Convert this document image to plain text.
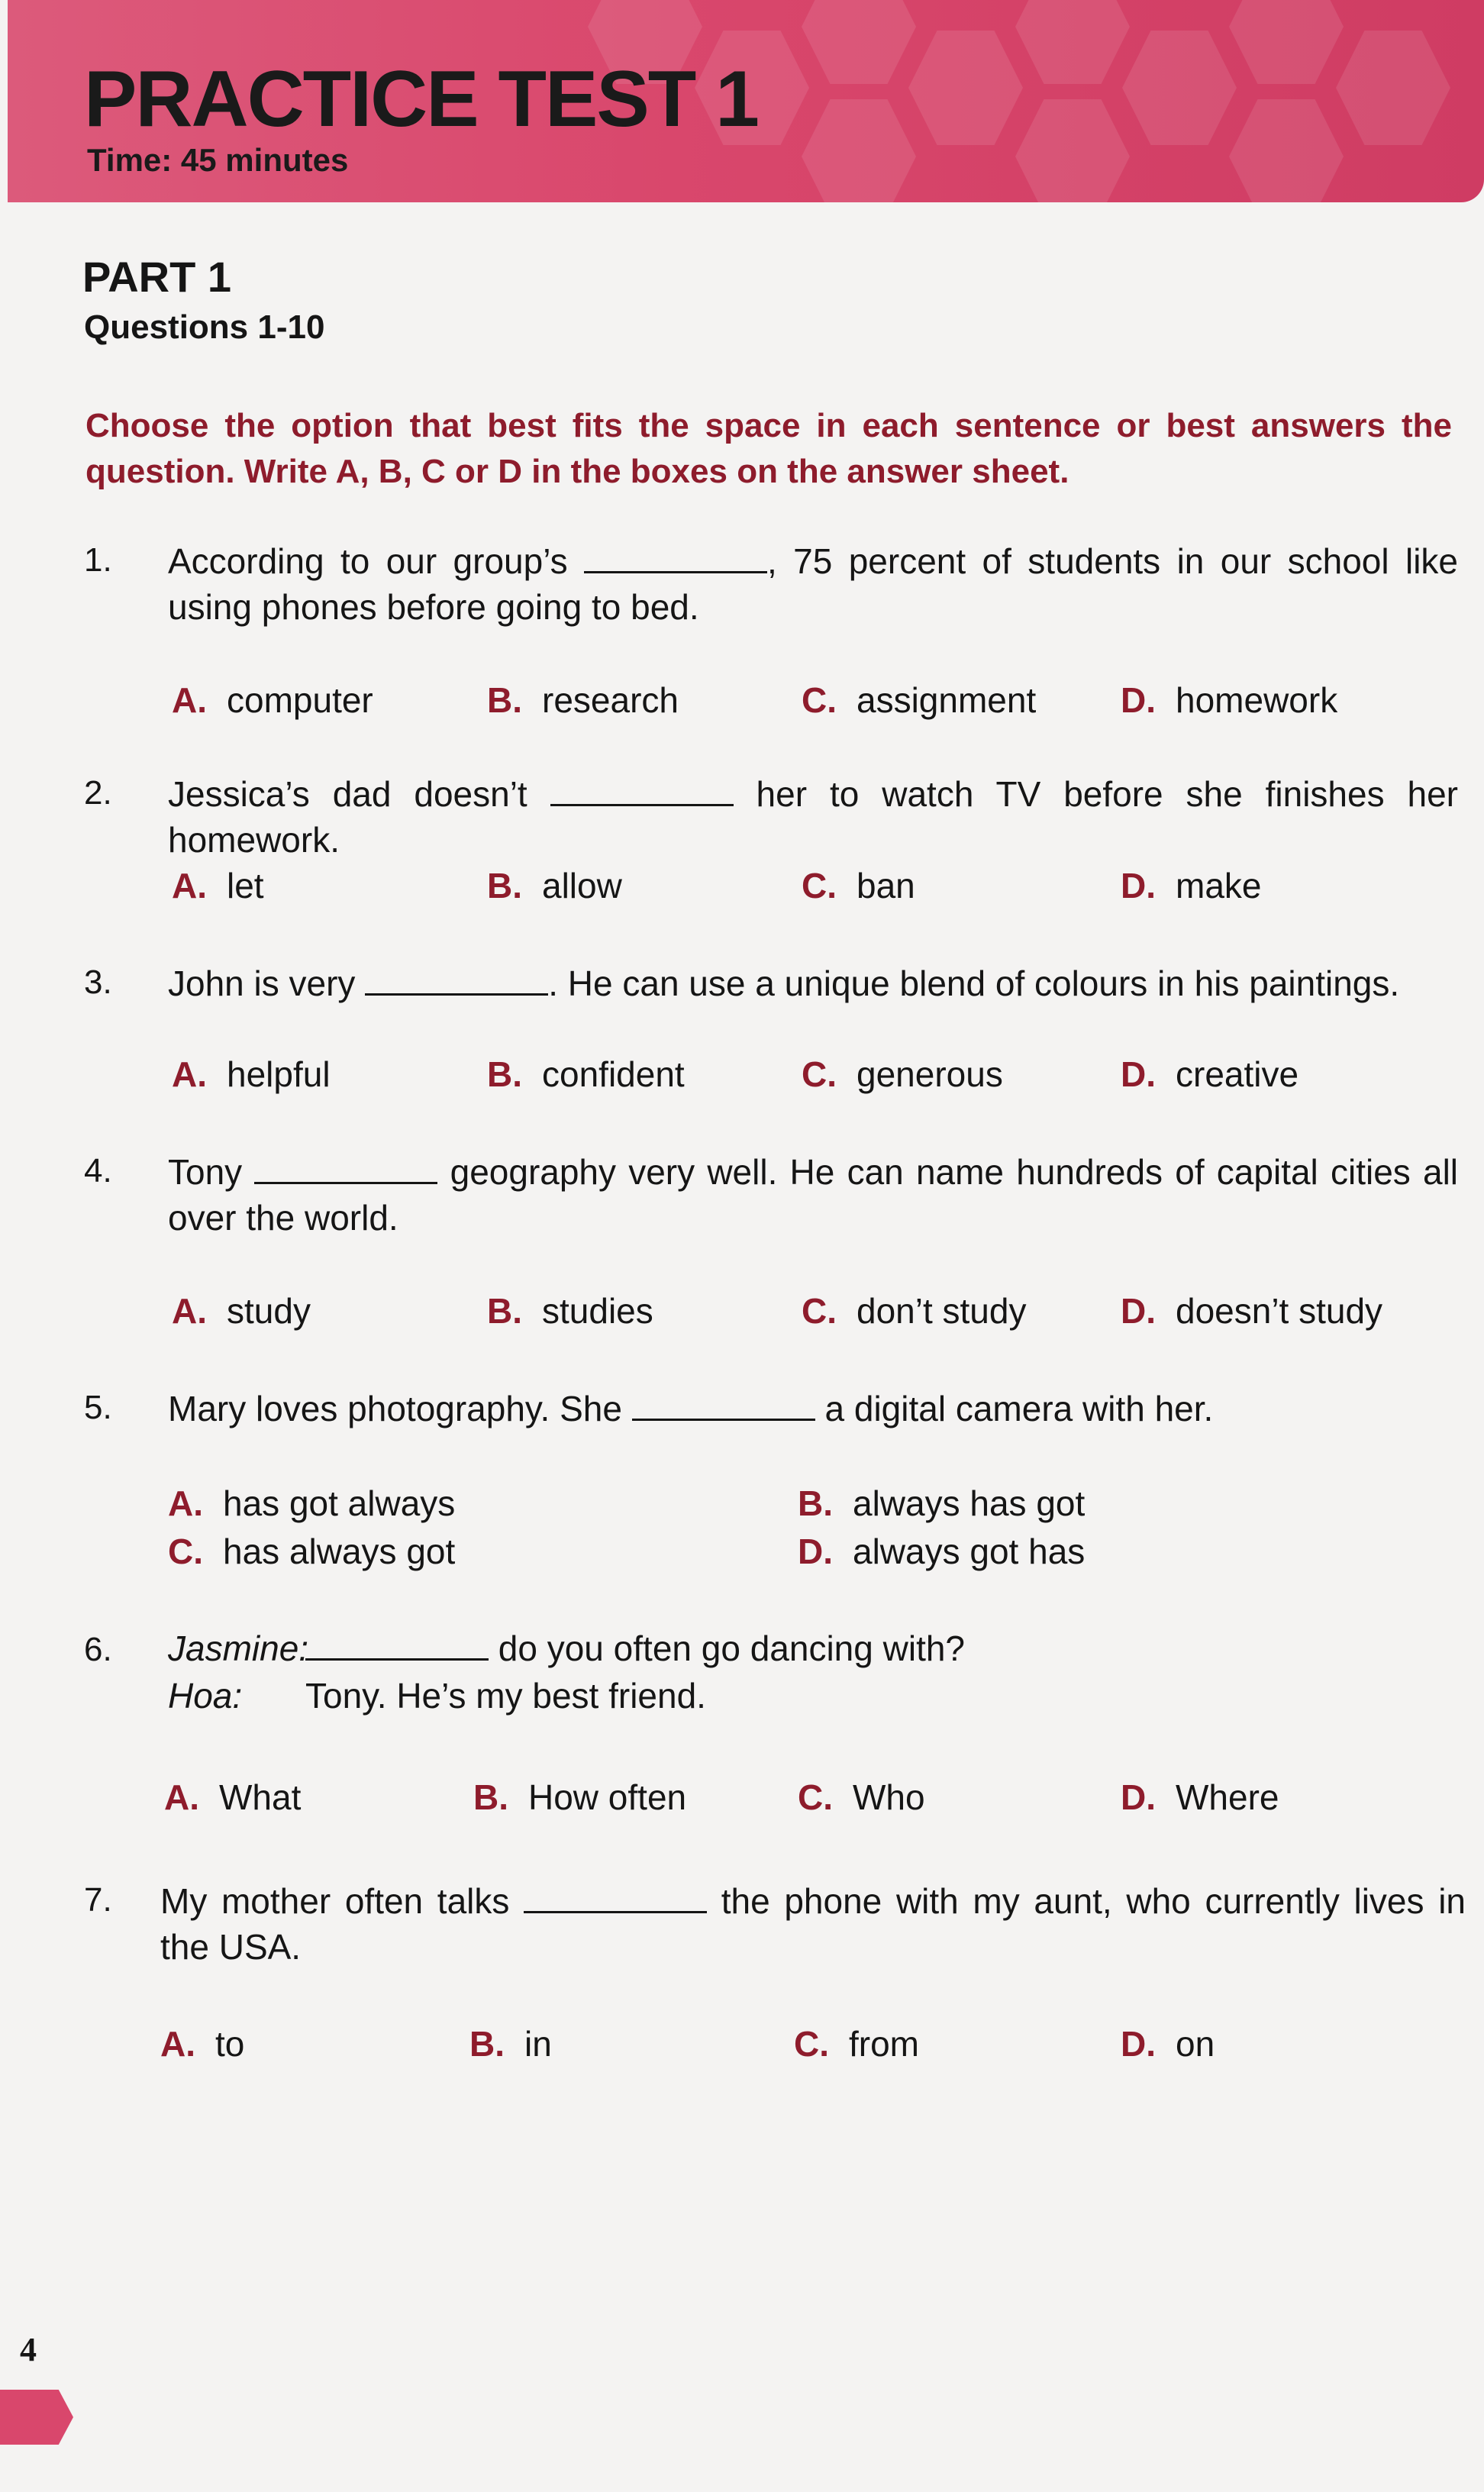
PRACTICE TEST 1
Time: 45 minutes
PART 1
Questions 1-10
Choose the option that best fits the space in each sentence or best answers the question. Write A, B, C or D in the boxes on the answer sheet.
1. According to our group’s	, 75 percent of students in our school like using phones before going to bed.
A. computer	B. research	C. assignment D. homework
2. Jessica’s dad doesn’t	her to watch TV before she finishes her homework.
A. let	B. allow	C. ban	D. make
3. John is very	. He can use a unique blend of colours in his paintings.
A. helpful	B. confident	C. generous	D. creative
4. Tony	geography very well. He can name hundreds of capital cities all over the world.
A. study	B. studies	C. don’t study	D. doesn’t study
5. Mary loves photography. She	a digital camera with her.
A. has got always	B. always has got
C. has always got	D. always got has
6. Jasmine:	do you often go dancing with?
Hoa: Tony. He’s my best friend.
A. What	B. How often	C. Who	D. Where
7. My mother often talks	the phone with my aunt, who currently lives in the USA.
A. to	B. in	C. from	D. on
4
